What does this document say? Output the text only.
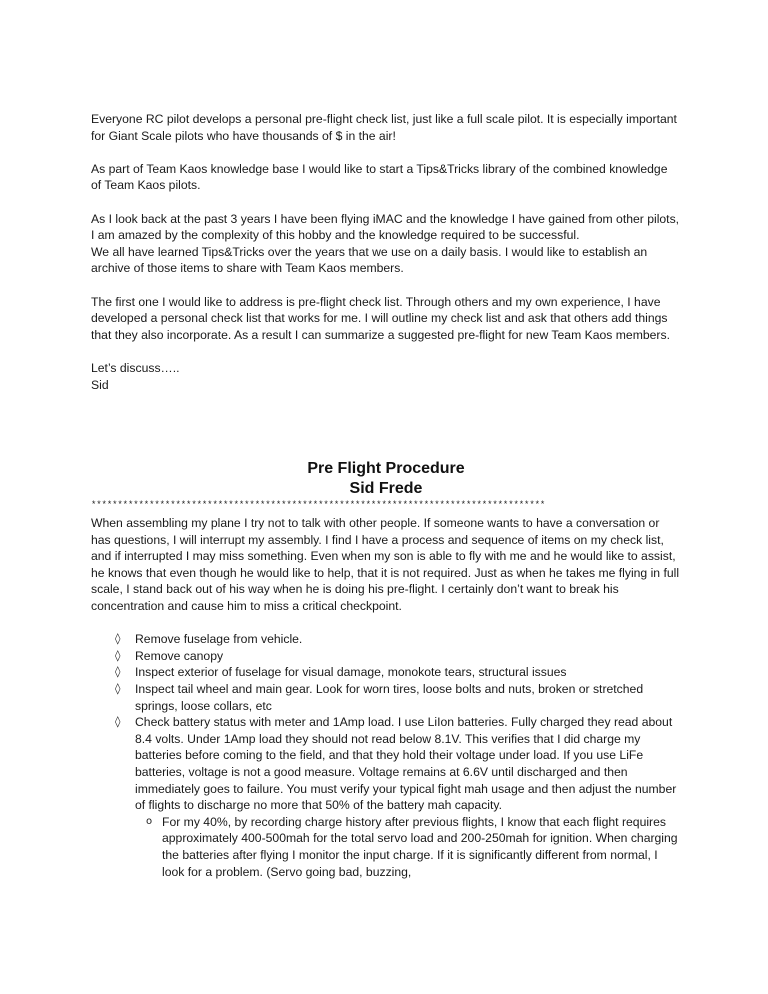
Everyone RC pilot develops a personal pre-flight check list, just like a full scale pilot. It is especially important for Giant Scale pilots who have thousands of $ in the air!

As part of Team Kaos knowledge base I would like to start a Tips&Tricks library of the combined knowledge of Team Kaos pilots.

As I look back at the past 3 years I have been flying iMAC and the knowledge I have gained from other pilots, I am amazed by the complexity of this hobby and the knowledge required to be successful.
We all have learned Tips&Tricks over the years that we use on a daily basis. I would like to establish an archive of those items to share with Team Kaos members.

The first one I would like to address is pre-flight check list. Through others and my own experience, I have developed a personal check list that works for me. I will outline my check list and ask that others add things that they also incorporate. As a result I can summarize a suggested pre-flight for new Team Kaos members.

Let’s discuss…..
Sid
Pre Flight Procedure
Sid Frede
**************************************************************************************
When assembling my plane I try not to talk with other people. If someone wants to have a conversation or has questions, I will interrupt my assembly. I find I have a process and sequence of items on my check list, and if interrupted I may miss something. Even when my son is able to fly with me and he would like to assist, he knows that even though he would like to help, that it is not required. Just as when he takes me flying in full scale, I stand back out of his way when he is doing his pre-flight. I certainly don’t want to break his concentration and cause him to miss a critical checkpoint.
◊ Remove fuselage from vehicle.
◊ Remove canopy
◊ Inspect exterior of fuselage for visual damage, monokote tears, structural issues
◊ Inspect tail wheel and main gear. Look for worn tires, loose bolts and nuts, broken or stretched springs, loose collars, etc
◊ Check battery status with meter and 1Amp load. I use LiIon batteries. Fully charged they read about 8.4 volts. Under 1Amp load they should not read below 8.1V. This verifies that I did charge my batteries before coming to the field, and that they hold their voltage under load. If you use LiFe batteries, voltage is not a good measure. Voltage remains at 6.6V until discharged and then immediately goes to failure. You must verify your typical fight mah usage and then adjust the number of flights to discharge no more that 50% of the battery mah capacity.
o For my 40%, by recording charge history after previous flights, I know that each flight requires approximately 400-500mah for the total servo load and 200-250mah for ignition. When charging the batteries after flying I monitor the input charge. If it is significantly different from normal, I look for a problem. (Servo going bad, buzzing,
